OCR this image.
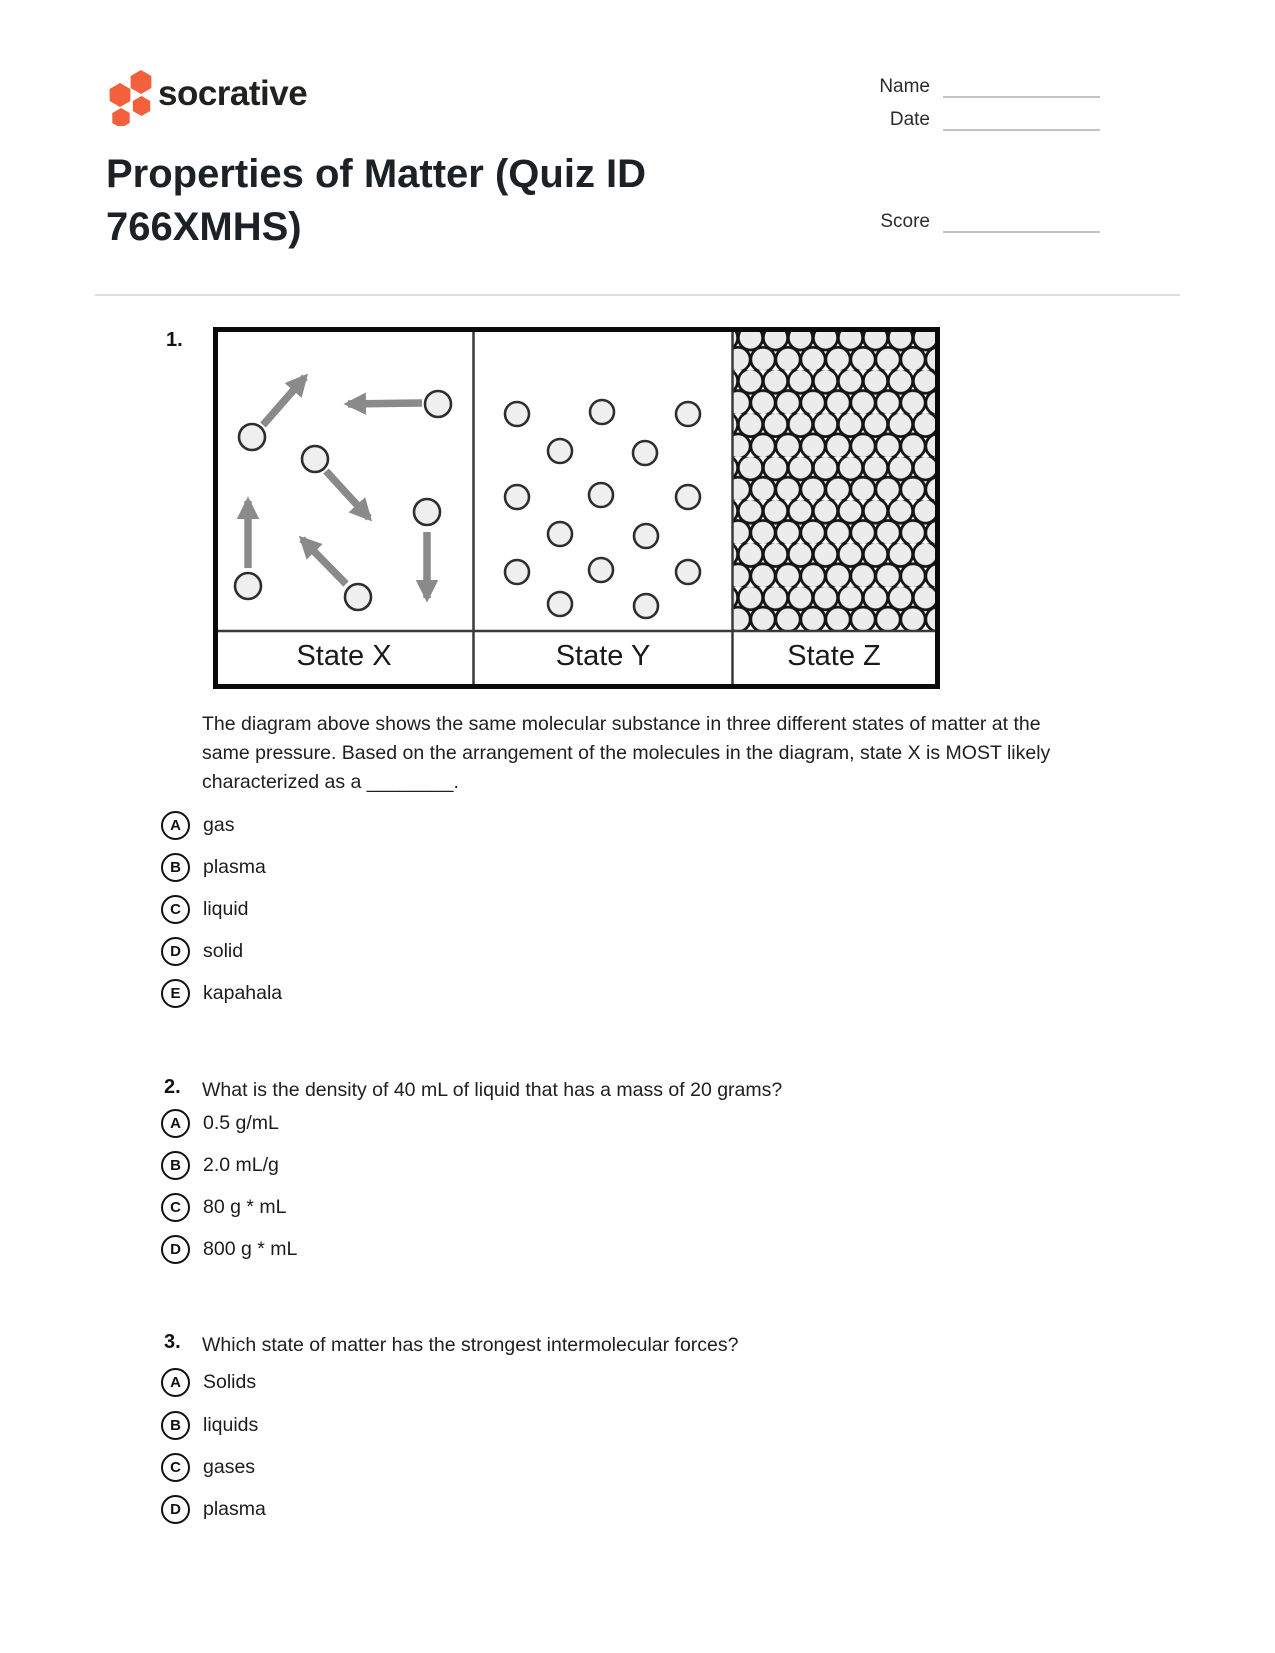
socrative	Name
Date
Score
Properties of Matter (Quiz ID 766XMHS)
1.
State X	State Y	State Z
The diagram above shows the same molecular substance in three different states of matter at the same pressure. Based on the arrangement of the molecules in the diagram, state X is MOST likely characterized as a ________.
A	gas
B	plasma
C	liquid
D	solid
E	kapahala
2. What is the density of 40 mL of liquid that has a mass of 20 grams?
A	0.5 g/mL
B	2.0 mL/g
C	80 g * mL
D	800 g * mL
3. Which state of matter has the strongest intermolecular forces?
A	Solids
B	liquids
C	gases
D	plasma
